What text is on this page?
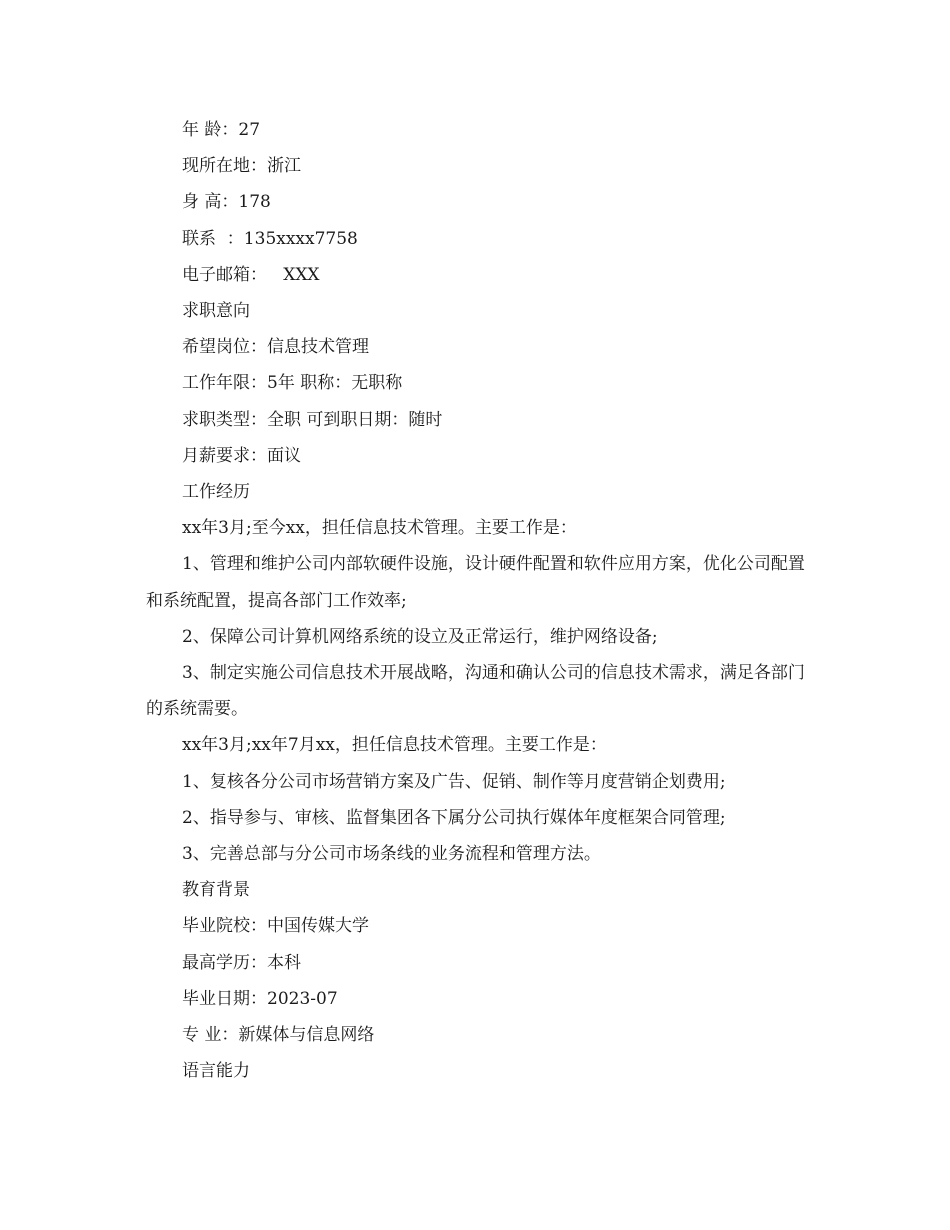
年 龄：27

现所在地：浙江

身 高：178

联系  ：135xxxx7758

电子邮箱：   XXX

求职意向

希望岗位：信息技术管理

工作年限：5年 职称：无职称

求职类型：全职 可到职日期：随时

月薪要求：面议

工作经历

xx年3月;至今xx，担任信息技术管理。主要工作是：

1、管理和维护公司内部软硬件设施，设计硬件配置和软件应用方案，优化公司配置和系统配置，提高各部门工作效率;

2、保障公司计算机网络系统的设立及正常运行，维护网络设备;

3、制定实施公司信息技术开展战略，沟通和确认公司的信息技术需求，满足各部门的系统需要。

xx年3月;xx年7月xx，担任信息技术管理。主要工作是：

1、复核各分公司市场营销方案及广告、促销、制作等月度营销企划费用;

2、指导参与、审核、监督集团各下属分公司执行媒体年度框架合同管理;

3、完善总部与分公司市场条线的业务流程和管理方法。

教育背景

毕业院校：中国传媒大学

最高学历：本科

毕业日期：2023-07

专 业：新媒体与信息网络

语言能力
